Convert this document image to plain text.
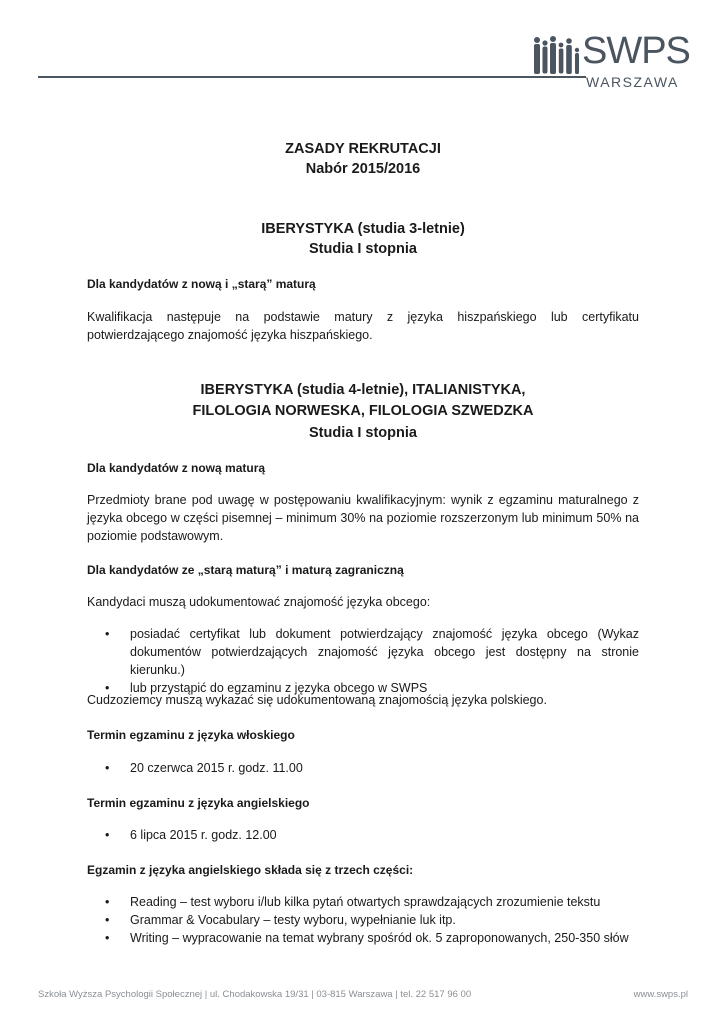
SWPS
WARSZAWA
ZASADY REKRUTACJI
Nabór 2015/2016
IBERYSTYKA (studia 3-letnie)
Studia I stopnia
Dla kandydatów z nową i „starą” maturą
Kwalifikacja następuje na podstawie matury z języka hiszpańskiego lub certyfikatu potwierdzającego znajomość języka hiszpańskiego.
IBERYSTYKA (studia 4-letnie), ITALIANISTYKA,
FILOLOGIA NORWESKA, FILOLOGIA SZWEDZKA
Studia I stopnia
Dla kandydatów z nową maturą
Przedmioty brane pod uwagę w postępowaniu kwalifikacyjnym: wynik z egzaminu maturalnego z języka obcego w części pisemnej – minimum 30% na poziomie rozszerzonym lub minimum 50% na poziomie podstawowym.
Dla kandydatów ze „starą maturą” i maturą zagraniczną
Kandydaci muszą udokumentować znajomość języka obcego:
• posiadać certyfikat lub dokument potwierdzający znajomość języka obcego (Wykaz dokumentów potwierdzających znajomość języka obcego jest dostępny na stronie kierunku.)
• lub przystąpić do egzaminu z języka obcego w SWPS
Cudzoziemcy muszą wykazać się udokumentowaną znajomością języka polskiego.
Termin egzaminu z języka włoskiego
• 20 czerwca 2015 r. godz. 11.00
Termin egzaminu z języka angielskiego
• 6 lipca 2015 r. godz. 12.00
Egzamin z języka angielskiego składa się z trzech części:
• Reading – test wyboru i/lub kilka pytań otwartych sprawdzających zrozumienie tekstu
• Grammar & Vocabulary – testy wyboru, wypełnianie luk itp.
• Writing – wypracowanie na temat wybrany spośród ok. 5 zaproponowanych, 250-350 słów
Szkoła Wyższa Psychologii Społecznej | ul. Chodakowska 19/31 | 03-815 Warszawa | tel. 22 517 96 00	www.swps.pl
